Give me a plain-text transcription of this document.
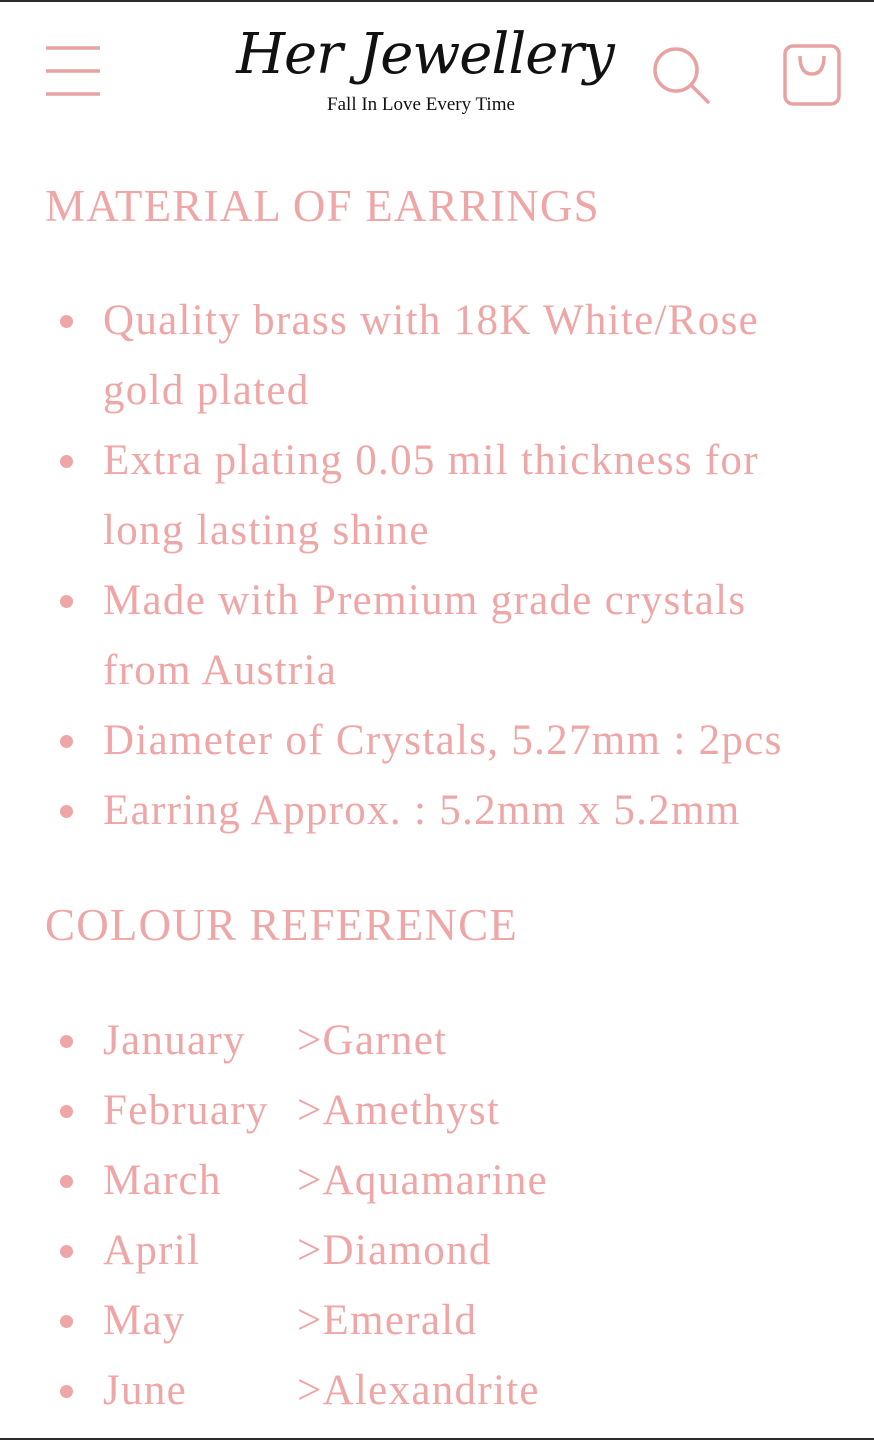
Her Jewellery
Fall In Love Every Time
MATERIAL OF EARRINGS
Quality brass with 18K White/Rose gold plated
Extra plating 0.05 mil thickness for long lasting shine
Made with Premium grade crystals from Austria
Diameter of Crystals, 5.27mm : 2pcs
Earring Approx. : 5.2mm x 5.2mm
COLOUR REFERENCE
January >Garnet
February >Amethyst
March >Aquamarine
April >Diamond
May	>Emerald
June	>Alexandrite
